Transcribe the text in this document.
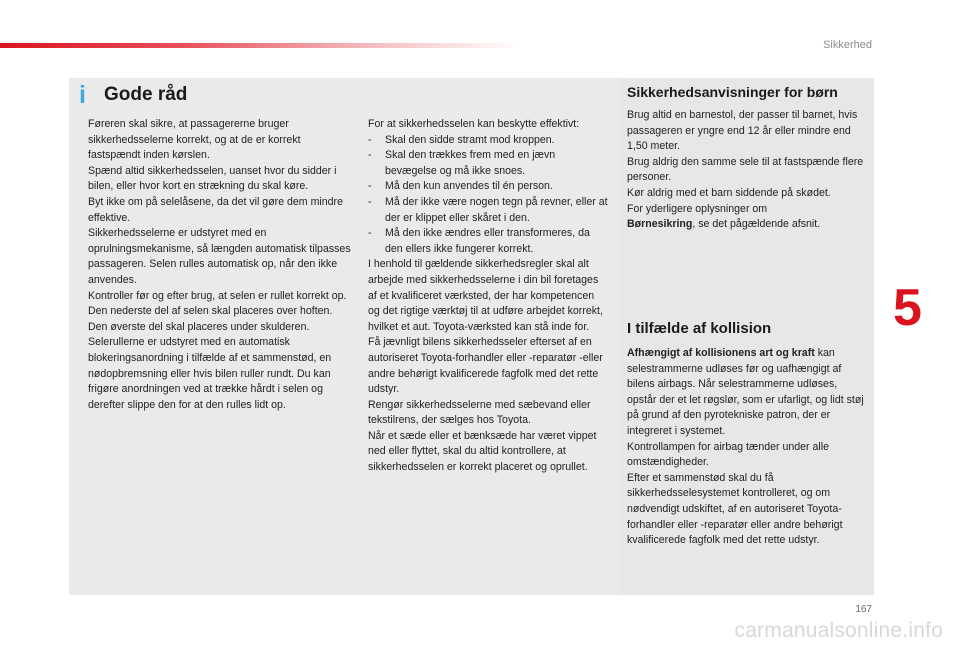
Sikkerhed
i Gode råd

Føreren skal sikre, at passagererne bruger sikkerhedsselerne korrekt, og at de er korrekt fastspændt inden kørslen.

Spænd altid sikkerhedsselen, uanset hvor du sidder i bilen, eller hvor kort en strækning du skal køre.

Byt ikke om på selelåsene, da det vil gøre dem mindre effektive.

Sikkerhedsselerne er udstyret med en oprulningsmekanisme, så længden automatisk tilpasses passageren. Selen rulles automatisk op, når den ikke anvendes.

Kontroller før og efter brug, at selen er rullet korrekt op.

Den nederste del af selen skal placeres over hoften.

Den øverste del skal placeres under skulderen.

Selerullerne er udstyret med en automatisk blokeringsanordning i tilfælde af et sammenstød, en nødopbremsning eller hvis bilen ruller rundt. Du kan frigøre anordningen ved at trække hårdt i selen og derefter slippe den for at den rulles lidt op.

For at sikkerhedsselen kan beskytte effektivt:

-	Skal den sidde stramt mod kroppen.
-	Skal den trækkes frem med en jævn bevægelse og må ikke snoes.
-	Må den kun anvendes til én person.
-	Må der ikke være nogen tegn på revner, eller at der er klippet eller skåret i den.
-	Må den ikke ændres eller transformeres, da den ellers ikke fungerer korrekt.

I henhold til gældende sikkerhedsregler skal alt arbejde med sikkerhedsselerne i din bil foretages af et kvalificeret værksted, der har kompetencen og det rigtige værktøj til at udføre arbejdet korrekt, hvilket et aut. Toyota-værksted kan stå inde for.

Få jævnligt bilens sikkerhedsseler efterset af en autoriseret Toyota-forhandler eller -reparatør -eller andre behørigt kvalificerede fagfolk med det rette udstyr.

Rengør sikkerhedsselerne med sæbevand eller tekstilrens, der sælges hos Toyota.

Når et sæde eller et bænksæde har været vippet ned eller flyttet, skal du altid kontrollere, at sikkerhedsselen er korrekt placeret og oprullet.

Sikkerhedsanvisninger for børn

Brug altid en barnestol, der passer til barnet, hvis passageren er yngre end 12 år eller mindre end 1,50 meter.

Brug aldrig den samme sele til at fastspænde flere personer.

Kør aldrig med et barn siddende på skødet.

For yderligere oplysninger om
Børnesikring, se det pågældende afsnit.

I tilfælde af kollision

Afhængigt af kollisionens art og kraft kan selestrammerne udløses før og uafhængigt af bilens airbags. Når selestrammerne udløses, opstår der et let røgslør, som er ufarligt, og lidt støj på grund af den pyrotekniske patron, der er integreret i systemet.

Kontrollampen for airbag tænder under alle omstændigheder.

Efter et sammenstød skal du få sikkerhedsselesystemet kontrolleret, og om nødvendigt udskiftet, af en autoriseret Toyota-forhandler eller -reparatør eller andre behørigt kvalificerede fagfolk med det rette udstyr.

5
167
carmanualsonline.info
